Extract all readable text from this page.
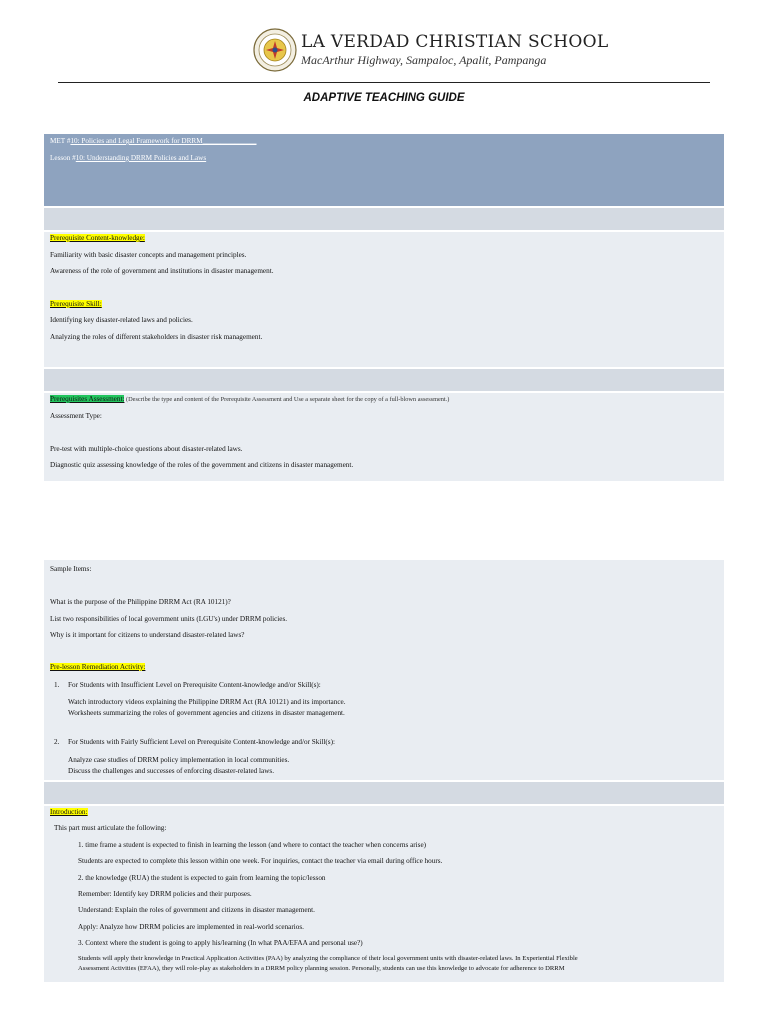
LA VERDAD CHRISTIAN SCHOOL
MacArthur Highway, Sampaloc, Apalit, Pampanga
ADAPTIVE TEACHING GUIDE
MET #10: Policies and Legal Framework for DRRM_______________
Lesson #10: Understanding DRRM Policies and Laws
Prerequisite Content-knowledge:
Familiarity with basic disaster concepts and management principles.
Awareness of the role of government and institutions in disaster management.
Prerequisite Skill:
Identifying key disaster-related laws and policies.
Analyzing the roles of different stakeholders in disaster risk management.
Prerequisites Assessment: (Describe the type and content of the Prerequisite Assessment and Use a separate sheet for the copy of a full-blown assessment.)
Assessment Type:
Pre-test with multiple-choice questions about disaster-related laws.
Diagnostic quiz assessing knowledge of the roles of the government and citizens in disaster management.
Sample Items:
What is the purpose of the Philippine DRRM Act (RA 10121)?
List two responsibilities of local government units (LGU's) under DRRM policies.
Why is it important for citizens to understand disaster-related laws?
Pre-lesson Remediation Activity:
1. For Students with Insufficient Level on Prerequisite Content-knowledge and/or Skill(s):
Watch introductory videos explaining the Philippine DRRM Act (RA 10121) and its importance.
Worksheets summarizing the roles of government agencies and citizens in disaster management.
2. For Students with Fairly Sufficient Level on Prerequisite Content-knowledge and/or Skill(s):
Analyze case studies of DRRM policy implementation in local communities.
Discuss the challenges and successes of enforcing disaster-related laws.
Introduction:
This part must articulate the following:
1. time frame a student is expected to finish in learning the lesson (and where to contact the teacher when concerns arise)
Students are expected to complete this lesson within one week. For inquiries, contact the teacher via email during office hours.
2. the knowledge (RUA) the student is expected to gain from learning the topic/lesson
Remember: Identify key DRRM policies and their purposes.
Understand: Explain the roles of government and citizens in disaster management.
Apply: Analyze how DRRM policies are implemented in real-world scenarios.
3. Context where the student is going to apply his/learning (In what PAA/EFAA and personal use?)
Students will apply their knowledge in Practical Application Activities (PAA) by analyzing the compliance of their local government units with disaster-related laws. In Experiential Flexible
Assessment Activities (EFAA), they will role-play as stakeholders in a DRRM policy planning session. Personally, students can use this knowledge to advocate for adherence to DRRM
